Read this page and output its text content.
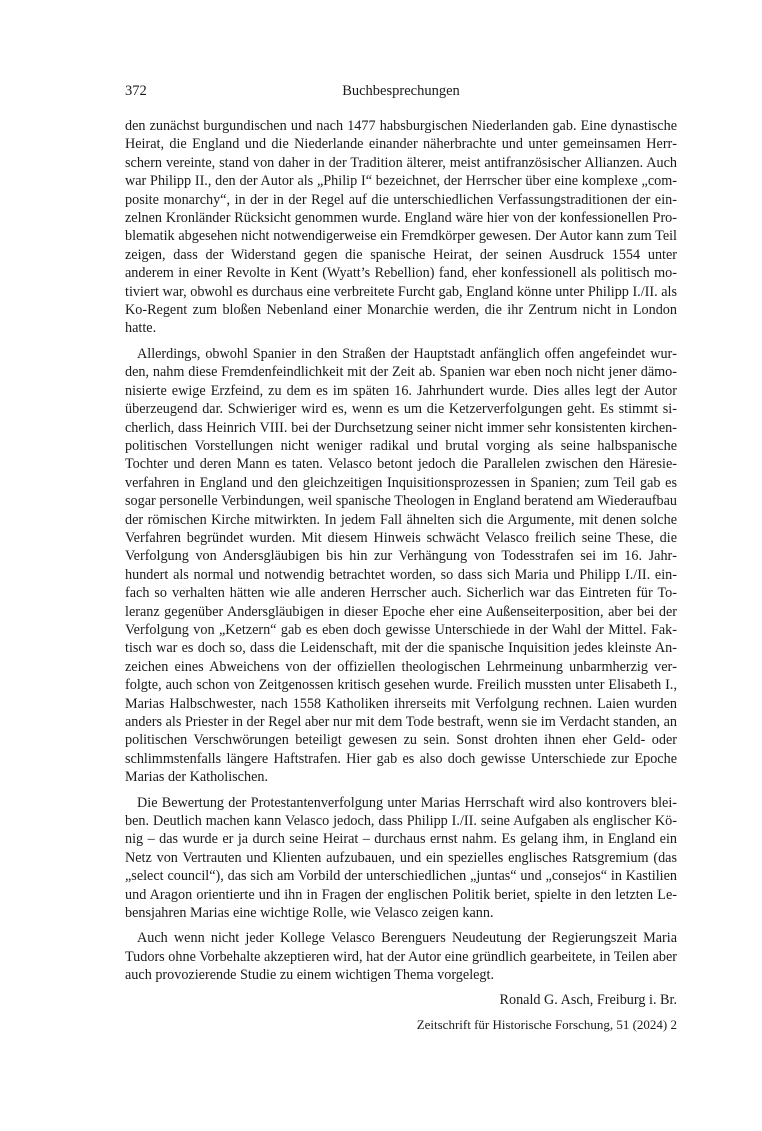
372	Buchbesprechungen

den zunächst burgundischen und nach 1477 habsburgischen Niederlanden gab. Eine dynastische Heirat, die England und die Niederlande einander näherbrachte und unter gemeinsamen Herrschern vereinte, stand von daher in der Tradition älterer, meist antifranzösischer Allianzen. Auch war Philipp II., den der Autor als „Philip I“ bezeichnet, der Herrscher über eine komplexe „composite monarchy“, in der in der Regel auf die unterschiedlichen Verfassungstraditionen der einzelnen Kronländer Rücksicht genommen wurde. England wäre hier von der konfessionellen Problematik abgesehen nicht notwendigerweise ein Fremdkörper gewesen. Der Autor kann zum Teil zeigen, dass der Widerstand gegen die spanische Heirat, der seinen Ausdruck 1554 unter anderem in einer Revolte in Kent (Wyatt’s Rebellion) fand, eher konfessionell als politisch motiviert war, obwohl es durchaus eine verbreitete Furcht gab, England könne unter Philipp I./II. als Ko-Regent zum bloßen Nebenland einer Monarchie werden, die ihr Zentrum nicht in London hatte.

Allerdings, obwohl Spanier in den Straßen der Hauptstadt anfänglich offen angefeindet wurden, nahm diese Fremdenfeindlichkeit mit der Zeit ab. Spanien war eben noch nicht jener dämonisierte ewige Erzfeind, zu dem es im späten 16. Jahrhundert wurde. Dies alles legt der Autor überzeugend dar. Schwieriger wird es, wenn es um die Ketzerverfolgungen geht. Es stimmt sicherlich, dass Heinrich VIII. bei der Durchsetzung seiner nicht immer sehr konsistenten kirchenpolitischen Vorstellungen nicht weniger radikal und brutal vorging als seine halbspanische Tochter und deren Mann es taten. Velasco betont jedoch die Parallelen zwischen den Häresieverfahren in England und den gleichzeitigen Inquisitionsprozessen in Spanien; zum Teil gab es sogar personelle Verbindungen, weil spanische Theologen in England beratend am Wiederaufbau der römischen Kirche mitwirkten. In jedem Fall ähnelten sich die Argumente, mit denen solche Verfahren begründet wurden. Mit diesem Hinweis schwächt Velasco freilich seine These, die Verfolgung von Andersgläubigen bis hin zur Verhängung von Todesstrafen sei im 16. Jahrhundert als normal und notwendig betrachtet worden, so dass sich Maria und Philipp I./II. einfach so verhalten hätten wie alle anderen Herrscher auch. Sicherlich war das Eintreten für Toleranz gegenüber Andersgläubigen in dieser Epoche eher eine Außenseiterposition, aber bei der Verfolgung von „Ketzern“ gab es eben doch gewisse Unterschiede in der Wahl der Mittel. Faktisch war es doch so, dass die Leidenschaft, mit der die spanische Inquisition jedes kleinste Anzeichen eines Abweichens von der offiziellen theologischen Lehrmeinung unbarmherzig verfolgte, auch schon von Zeitgenossen kritisch gesehen wurde. Freilich mussten unter Elisabeth I., Marias Halbschwester, nach 1558 Katholiken ihrerseits mit Verfolgung rechnen. Laien wurden anders als Priester in der Regel aber nur mit dem Tode bestraft, wenn sie im Verdacht standen, an politischen Verschwörungen beteiligt gewesen zu sein. Sonst drohten ihnen eher Geld- oder schlimmstenfalls längere Haftstrafen. Hier gab es also doch gewisse Unterschiede zur Epoche Marias der Katholischen.

Die Bewertung der Protestantenverfolgung unter Marias Herrschaft wird also kontrovers bleiben. Deutlich machen kann Velasco jedoch, dass Philipp I./II. seine Aufgaben als englischer König – das wurde er ja durch seine Heirat – durchaus ernst nahm. Es gelang ihm, in England ein Netz von Vertrauten und Klienten aufzubauen, und ein spezielles englisches Ratsgremium (das „select council“), das sich am Vorbild der unterschiedlichen „juntas“ und „consejos“ in Kastilien und Aragon orientierte und ihn in Fragen der englischen Politik beriet, spielte in den letzten Lebensjahren Marias eine wichtige Rolle, wie Velasco zeigen kann.

Auch wenn nicht jeder Kollege Velasco Berenguers Neudeutung der Regierungszeit Maria Tudors ohne Vorbehalte akzeptieren wird, hat der Autor eine gründlich gearbeitete, in Teilen aber auch provozierende Studie zu einem wichtigen Thema vorgelegt.

Ronald G. Asch, Freiburg i. Br.
Zeitschrift für Historische Forschung, 51 (2024) 2
